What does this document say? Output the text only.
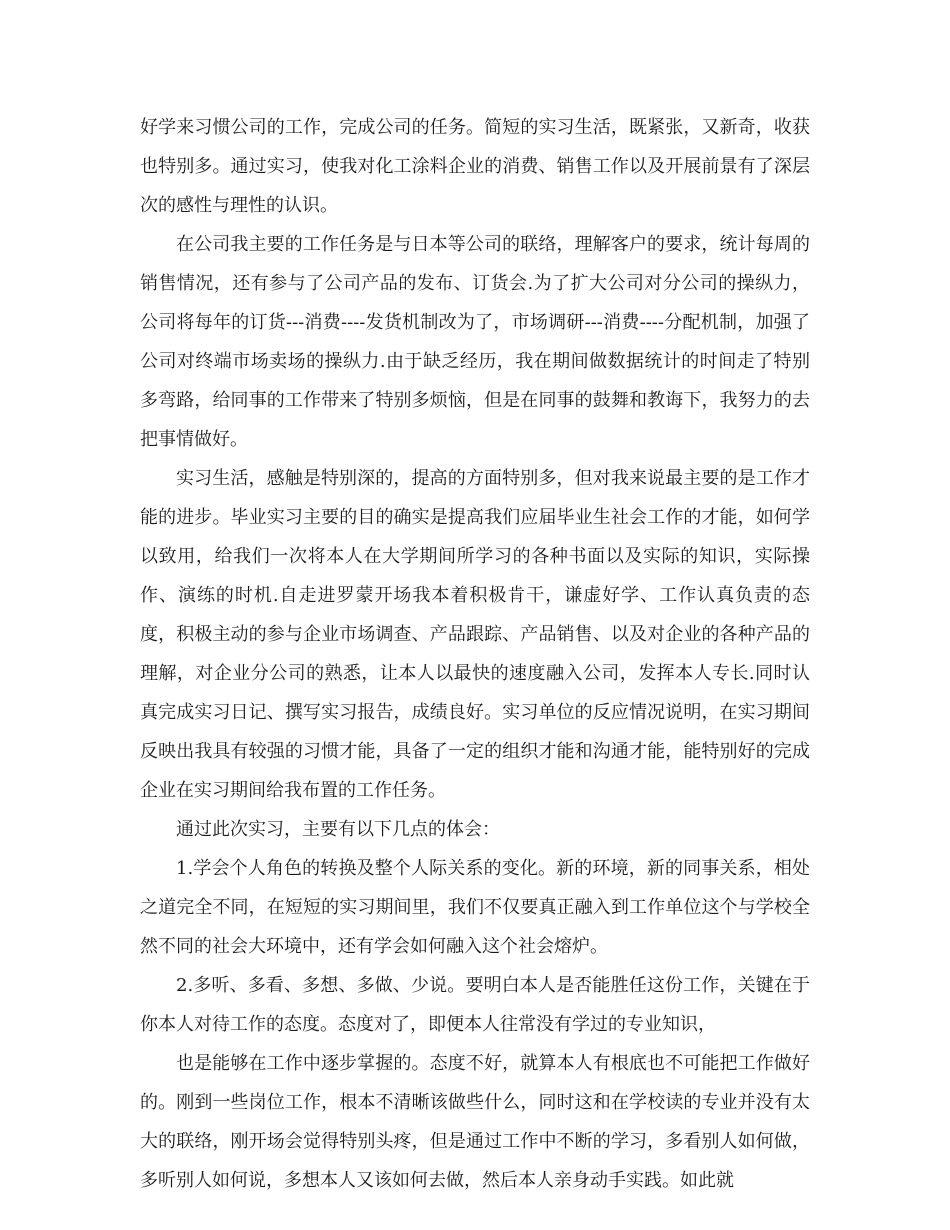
好学来习惯公司的工作，完成公司的任务。简短的实习生活，既紧张，又新奇，收获也特别多。通过实习，使我对化工涂料企业的消费、销售工作以及开展前景有了深层次的感性与理性的认识。

在公司我主要的工作任务是与日本等公司的联络，理解客户的要求，统计每周的销售情况，还有参与了公司产品的发布、订货会.为了扩大公司对分公司的操纵力，公司将每年的订货---消费----发货机制改为了，市场调研---消费----分配机制，加强了公司对终端市场卖场的操纵力.由于缺乏经历，我在期间做数据统计的时间走了特别多弯路，给同事的工作带来了特别多烦恼，但是在同事的鼓舞和教诲下，我努力的去把事情做好。

实习生活，感触是特别深的，提高的方面特别多，但对我来说最主要的是工作才能的进步。毕业实习主要的目的确实是提高我们应届毕业生社会工作的才能，如何学以致用，给我们一次将本人在大学期间所学习的各种书面以及实际的知识，实际操作、演练的时机.自走进罗蒙开场我本着积极肯干，谦虚好学、工作认真负责的态度，积极主动的参与企业市场调查、产品跟踪、产品销售、以及对企业的各种产品的理解，对企业分公司的熟悉，让本人以最快的速度融入公司，发挥本人专长.同时认真完成实习日记、撰写实习报告，成绩良好。实习单位的反应情况说明，在实习期间反映出我具有较强的习惯才能，具备了一定的组织才能和沟通才能，能特别好的完成企业在实习期间给我布置的工作任务。

通过此次实习，主要有以下几点的体会：

1.学会个人角色的转换及整个人际关系的变化。新的环境，新的同事关系，相处之道完全不同，在短短的实习期间里，我们不仅要真正融入到工作单位这个与学校全然不同的社会大环境中，还有学会如何融入这个社会熔炉。

2.多听、多看、多想、多做、少说。要明白本人是否能胜任这份工作，关键在于你本人对待工作的态度。态度对了，即便本人往常没有学过的专业知识，

也是能够在工作中逐步掌握的。态度不好，就算本人有根底也不可能把工作做好的。刚到一些岗位工作，根本不清晰该做些什么，同时这和在学校读的专业并没有太大的联络，刚开场会觉得特别头疼，但是通过工作中不断的学习，多看别人如何做，多听别人如何说，多想本人又该如何去做，然后本人亲身动手实践。如此就
